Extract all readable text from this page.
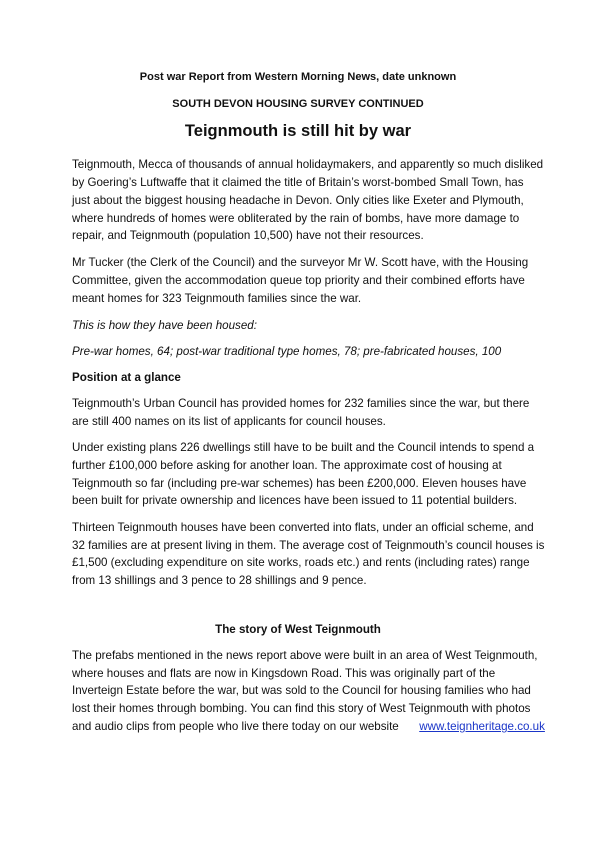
Post war Report from Western Morning News, date unknown
SOUTH DEVON HOUSING SURVEY CONTINUED
Teignmouth is still hit by war
Teignmouth, Mecca of thousands of annual holidaymakers, and apparently so much disliked
by Goering’s Luftwaffe that it claimed the title of Britain’s worst-bombed Small Town, has
just about the biggest housing headache in Devon. Only cities like Exeter and Plymouth,
where hundreds of homes were obliterated by the rain of bombs, have more damage to
repair, and Teignmouth (population 10,500) have not their resources.
Mr Tucker (the Clerk of the Council) and the surveyor Mr W. Scott have, with the Housing
Committee, given the accommodation queue top priority and their combined efforts have
meant homes for 323 Teignmouth families since the war.
This is how they have been housed:
Pre-war homes, 64; post-war traditional type homes, 78; pre-fabricated houses, 100
Position at a glance
Teignmouth’s Urban Council has provided homes for 232 families since the war, but there
are still 400 names on its list of applicants for council houses.
Under existing plans 226 dwellings still have to be built and the Council intends to spend a
further £100,000 before asking for another loan. The approximate cost of housing at
Teignmouth so far (including pre-war schemes) has been £200,000. Eleven houses have
been built for private ownership and licences have been issued to 11 potential builders.
Thirteen Teignmouth houses have been converted into flats, under an official scheme, and
32 families are at present living in them. The average cost of Teignmouth’s council houses is
£1,500 (excluding expenditure on site works, roads etc.) and rents (including rates) range
from 13 shillings and 3 pence to 28 shillings and 9 pence.
The story of West Teignmouth
The prefabs mentioned in the news report above were built in an area of West Teignmouth,
where houses and flats are now in Kingsdown Road. This was originally part of the
Inverteign Estate before the war, but was sold to the Council for housing families who had
lost their homes through bombing. You can find this story of West Teignmouth with photos
and audio clips from people who live there today on our website www.teignheritage.co.uk
